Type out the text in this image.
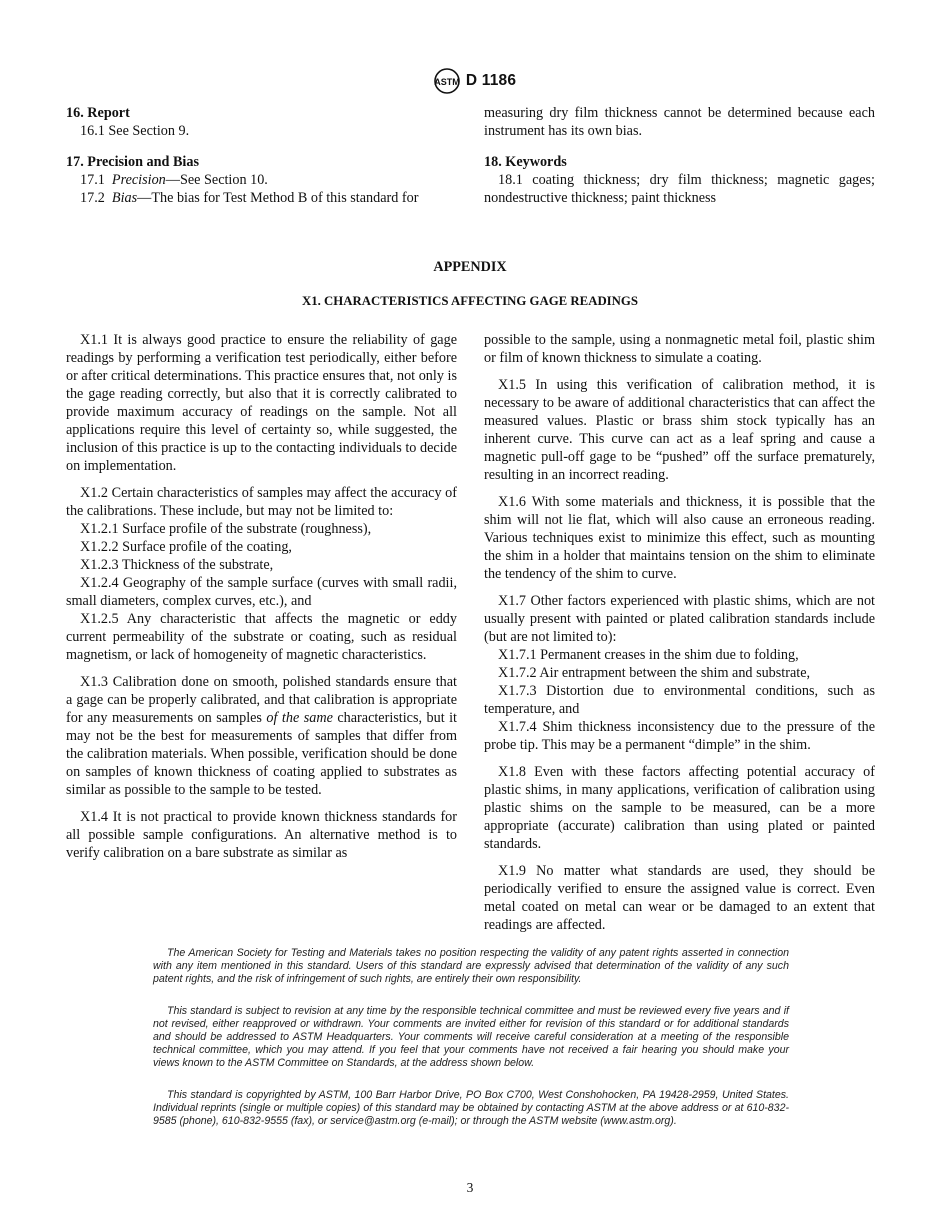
ASTM D 1186

16. Report

16.1 See Section 9.

17. Precision and Bias

17.1 Precision—See Section 10.

17.2 Bias—The bias for Test Method B of this standard for

measuring dry film thickness cannot be determined because each instrument has its own bias.

18. Keywords

18.1 coating thickness; dry film thickness; magnetic gages; nondestructive thickness; paint thickness

APPENDIX
X1. CHARACTERISTICS AFFECTING GAGE READINGS

X1.1 It is always good practice to ensure the reliability of gage readings by performing a verification test periodically, either before or after critical determinations. This practice ensures that, not only is the gage reading correctly, but also that it is correctly calibrated to provide maximum accuracy of readings on the sample. Not all applications require this level of certainty so, while suggested, the inclusion of this practice is up to the contacting individuals to decide on implementation.

X1.2 Certain characteristics of samples may affect the accuracy of the calibrations. These include, but may not be limited to:

X1.2.1 Surface profile of the substrate (roughness),

X1.2.2 Surface profile of the coating,

X1.2.3 Thickness of the substrate,

X1.2.4 Geography of the sample surface (curves with small radii, small diameters, complex curves, etc.), and

X1.2.5 Any characteristic that affects the magnetic or eddy current permeability of the substrate or coating, such as residual magnetism, or lack of homogeneity of magnetic characteristics.

X1.3 Calibration done on smooth, polished standards ensure that a gage can be properly calibrated, and that calibration is appropriate for any measurements on samples of the same characteristics, but it may not be the best for measurements of samples that differ from the calibration materials. When possible, verification should be done on samples of known thickness of coating applied to substrates as similar as possible to the sample to be tested.

X1.4 It is not practical to provide known thickness standards for all possible sample configurations. An alternative method is to verify calibration on a bare substrate as similar as

possible to the sample, using a nonmagnetic metal foil, plastic shim or film of known thickness to simulate a coating.

X1.5 In using this verification of calibration method, it is necessary to be aware of additional characteristics that can affect the measured values. Plastic or brass shim stock typically has an inherent curve. This curve can act as a leaf spring and cause a magnetic pull-off gage to be “pushed” off the surface prematurely, resulting in an incorrect reading.

X1.6 With some materials and thickness, it is possible that the shim will not lie flat, which will also cause an erroneous reading. Various techniques exist to minimize this effect, such as mounting the shim in a holder that maintains tension on the shim to eliminate the tendency of the shim to curve.

X1.7 Other factors experienced with plastic shims, which are not usually present with painted or plated calibration standards include (but are not limited to):

X1.7.1 Permanent creases in the shim due to folding,

X1.7.2 Air entrapment between the shim and substrate,

X1.7.3 Distortion due to environmental conditions, such as temperature, and

X1.7.4 Shim thickness inconsistency due to the pressure of the probe tip. This may be a permanent “dimple” in the shim.

X1.8 Even with these factors affecting potential accuracy of plastic shims, in many applications, verification of calibration using plastic shims on the sample to be measured, can be a more appropriate (accurate) calibration than using plated or painted standards.

X1.9 No matter what standards are used, they should be periodically verified to ensure the assigned value is correct. Even metal coated on metal can wear or be damaged to an extent that readings are affected.

The American Society for Testing and Materials takes no position respecting the validity of any patent rights asserted in connection with any item mentioned in this standard. Users of this standard are expressly advised that determination of the validity of any such patent rights, and the risk of infringement of such rights, are entirely their own responsibility.

This standard is subject to revision at any time by the responsible technical committee and must be reviewed every five years and if not revised, either reapproved or withdrawn. Your comments are invited either for revision of this standard or for additional standards and should be addressed to ASTM Headquarters. Your comments will receive careful consideration at a meeting of the responsible technical committee, which you may attend. If you feel that your comments have not received a fair hearing you should make your views known to the ASTM Committee on Standards, at the address shown below.

This standard is copyrighted by ASTM, 100 Barr Harbor Drive, PO Box C700, West Conshohocken, PA 19428-2959, United States. Individual reprints (single or multiple copies) of this standard may be obtained by contacting ASTM at the above address or at 610-832-9585 (phone), 610-832-9555 (fax), or service@astm.org (e-mail); or through the ASTM website (www.astm.org).

3
